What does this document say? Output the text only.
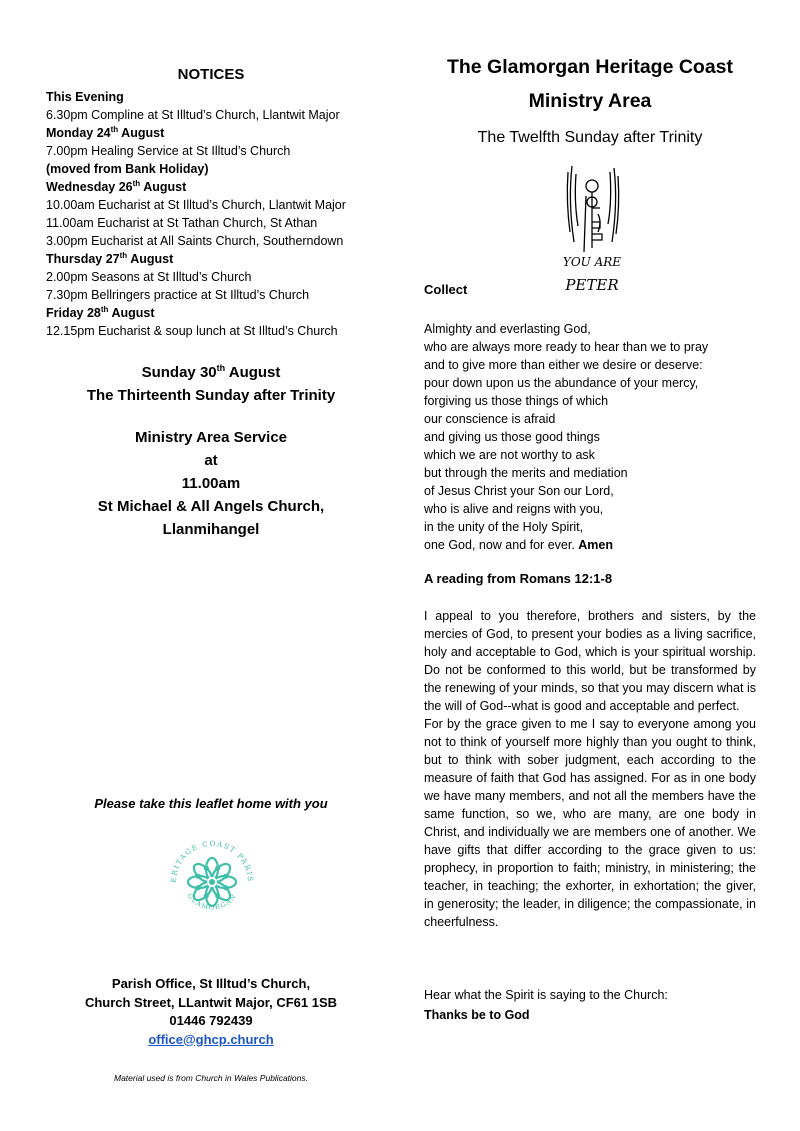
NOTICES
This Evening
6.30pm Compline at St Illtud’s Church, Llantwit Major
Monday 24th August
7.00pm Healing Service at St Illtud’s Church
(moved from Bank Holiday)
Wednesday 26th August
10.00am Eucharist at St Illtud’s Church, Llantwit Major
11.00am Eucharist at St Tathan Church, St Athan
3.00pm Eucharist at All Saints Church, Southerndown
Thursday 27th August
2.00pm Seasons at St Illtud’s Church
7.30pm Bellringers practice at St Illtud’s Church
Friday 28th August
12.15pm Eucharist & soup lunch at St Illtud’s Church
Sunday 30th August
The Thirteenth Sunday after Trinity
Ministry Area Service
at
11.00am
St Michael & All Angels Church,
Llanmihangel
Please take this leaflet home with you
ERITAGE COAST PARIS
GLAMORGAN
Parish Office, St Illtud’s Church,
Church Street, LLantwit Major, CF61 1SB
01446 792439
office@ghcp.church
Material used is from Church in Wales Publications.
The Glamorgan Heritage Coast
Ministry Area
The Twelfth Sunday after Trinity
YOU ARE
PETER
Collect
Almighty and everlasting God,
who are always more ready to hear than we to pray
and to give more than either we desire or deserve:
pour down upon us the abundance of your mercy,
forgiving us those things of which
our conscience is afraid
and giving us those good things
which we are not worthy to ask
but through the merits and mediation
of Jesus Christ your Son our Lord,
who is alive and reigns with you,
in the unity of the Holy Spirit,
one God, now and for ever. Amen
A reading from Romans 12:1-8
I appeal to you therefore, brothers and sisters, by the mercies of God, to present your bodies as a living sacrifice, holy and acceptable to God, which is your spiritual worship. Do not be conformed to this world, but be transformed by the renewing of your minds, so that you may discern what is the will of God--what is good and acceptable and perfect.
For by the grace given to me I say to everyone among you not to think of yourself more highly than you ought to think, but to think with sober judgment, each according to the measure of faith that God has assigned. For as in one body we have many members, and not all the members have the same function, so we, who are many, are one body in Christ, and individually we are members one of another. We have gifts that differ according to the grace given to us: prophecy, in proportion to faith; ministry, in ministering; the teacher, in teaching; the exhorter, in exhortation; the giver, in generosity; the leader, in diligence; the compassionate, in cheerfulness.
Hear what the Spirit is saying to the Church:
Thanks be to God
